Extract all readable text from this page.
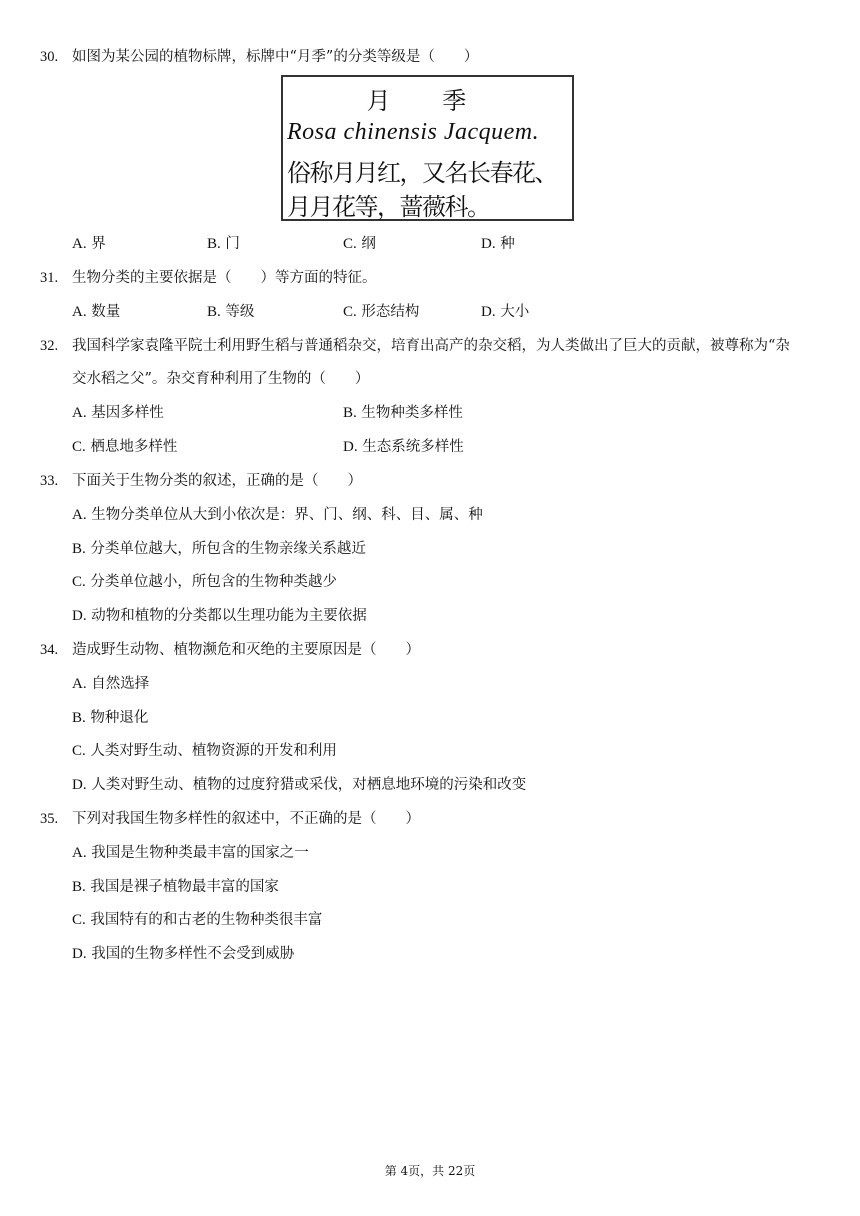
30. 如图为某公园的植物标牌，标牌中“月季”的分类等级是（　　）
月 季
Rosa chinensis Jacquem.
俗称月月红，又名长春花、
月月花等，蔷薇科。
A. 界	B. 门	C. 纲	D. 种
31. 生物分类的主要依据是（　　）等方面的特征。
A. 数量	B. 等级	C. 形态结构	D. 大小
32. 我国科学家袁隆平院士利用野生稻与普通稻杂交，培育出高产的杂交稻，为人类做出了巨大的贡献，被尊称为“杂
交水稻之父”。杂交育种利用了生物的（　　）
A. 基因多样性	B. 生物种类多样性
C. 栖息地多样性	D. 生态系统多样性
33. 下面关于生物分类的叙述，正确的是（　　）
A. 生物分类单位从大到小依次是：界、门、纲、科、目、属、种
B. 分类单位越大，所包含的生物亲缘关系越近
C. 分类单位越小，所包含的生物种类越少
D. 动物和植物的分类都以生理功能为主要依据
34. 造成野生动物、植物濒危和灭绝的主要原因是（　　）
A. 自然选择
B. 物种退化
C. 人类对野生动、植物资源的开发和利用
D. 人类对野生动、植物的过度狩猎或采伐，对栖息地环境的污染和改变
35. 下列对我国生物多样性的叙述中，不正确的是（　　）
A. 我国是生物种类最丰富的国家之一
B. 我国是裸子植物最丰富的国家
C. 我国特有的和古老的生物种类很丰富
D. 我国的生物多样性不会受到威胁
第 4页，共 22页
